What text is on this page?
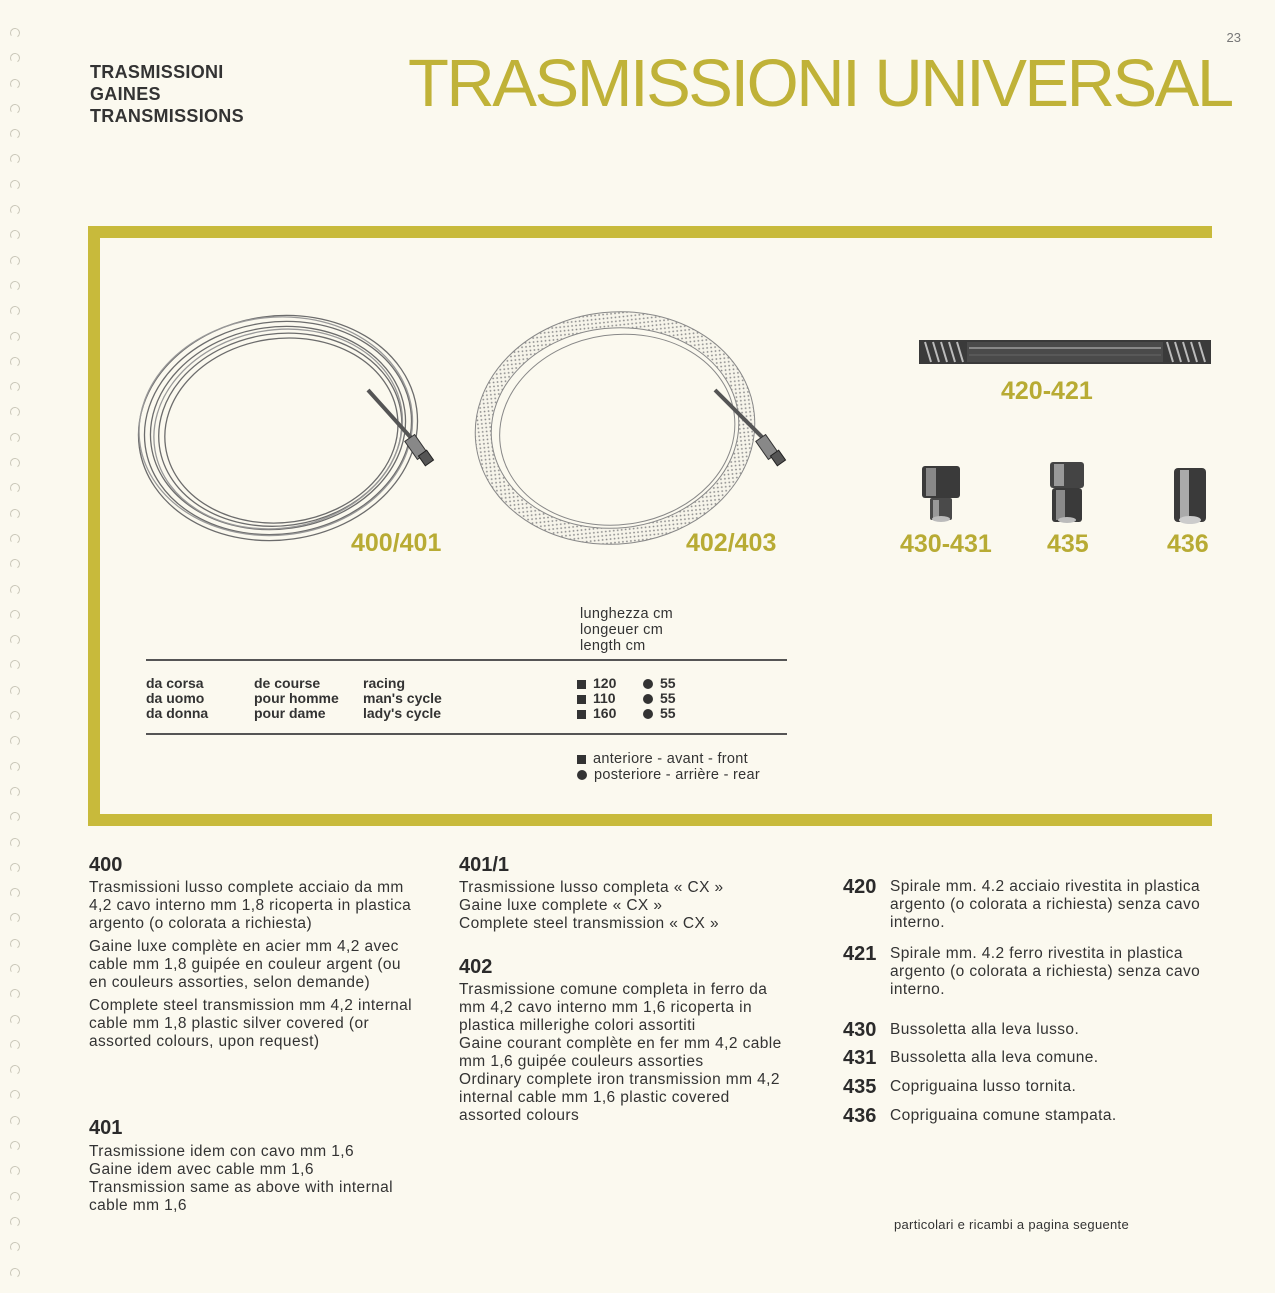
23
TRASMISSIONI
GAINES
TRANSMISSIONS TRASMISSIONI UNIVERSAL
400/401	402/403
420-421
430-431 435	436
lunghezza cm
longeuer cm
length cm
da corsa
da uomo
da donna
de course
pour homme
pour dame
racing
man's cycle
lady's cycle
120
110
160
55
55
55
anteriore - avant - front
posteriore - arrière - rear
400

Trasmissioni lusso complete acciaio da mm 4,2 cavo interno mm 1,8 ricoperta in plastica argento (o colorata a richiesta)

Gaine luxe complète en acier mm 4,2 avec cable mm 1,8 guipée en couleur argent (ou en couleurs assorties, selon demande)

Complete steel transmission mm 4,2 internal cable mm 1,8 plastic silver covered (or assorted colours, upon request)

401
Trasmissione idem con cavo mm 1,6
Gaine idem avec cable mm 1,6
Transmission same as above with internal cable mm 1,6
401/1
Trasmissione lusso completa « CX »
Gaine luxe complete « CX »
Complete steel transmission « CX »
402
Trasmissione comune completa in ferro da mm 4,2 cavo interno mm 1,6 ricoperta in plastica millerighe colori assortiti
Gaine courant complète en fer mm 4,2 cable mm 1,6 guipée couleurs assorties
Ordinary complete iron transmission mm 4,2 internal cable mm 1,6 plastic covered assorted colours
420 Spirale mm. 4.2 acciaio rivestita in plastica argento (o colorata a richiesta) senza cavo interno.
421 Spirale mm. 4.2 ferro rivestita in plastica argento (o colorata a richiesta) senza cavo interno.
430 Bussoletta alla leva lusso.
431 Bussoletta alla leva comune.
435 Copriguaina lusso tornita.
436 Copriguaina comune stampata.
particolari e ricambi a pagina seguente
